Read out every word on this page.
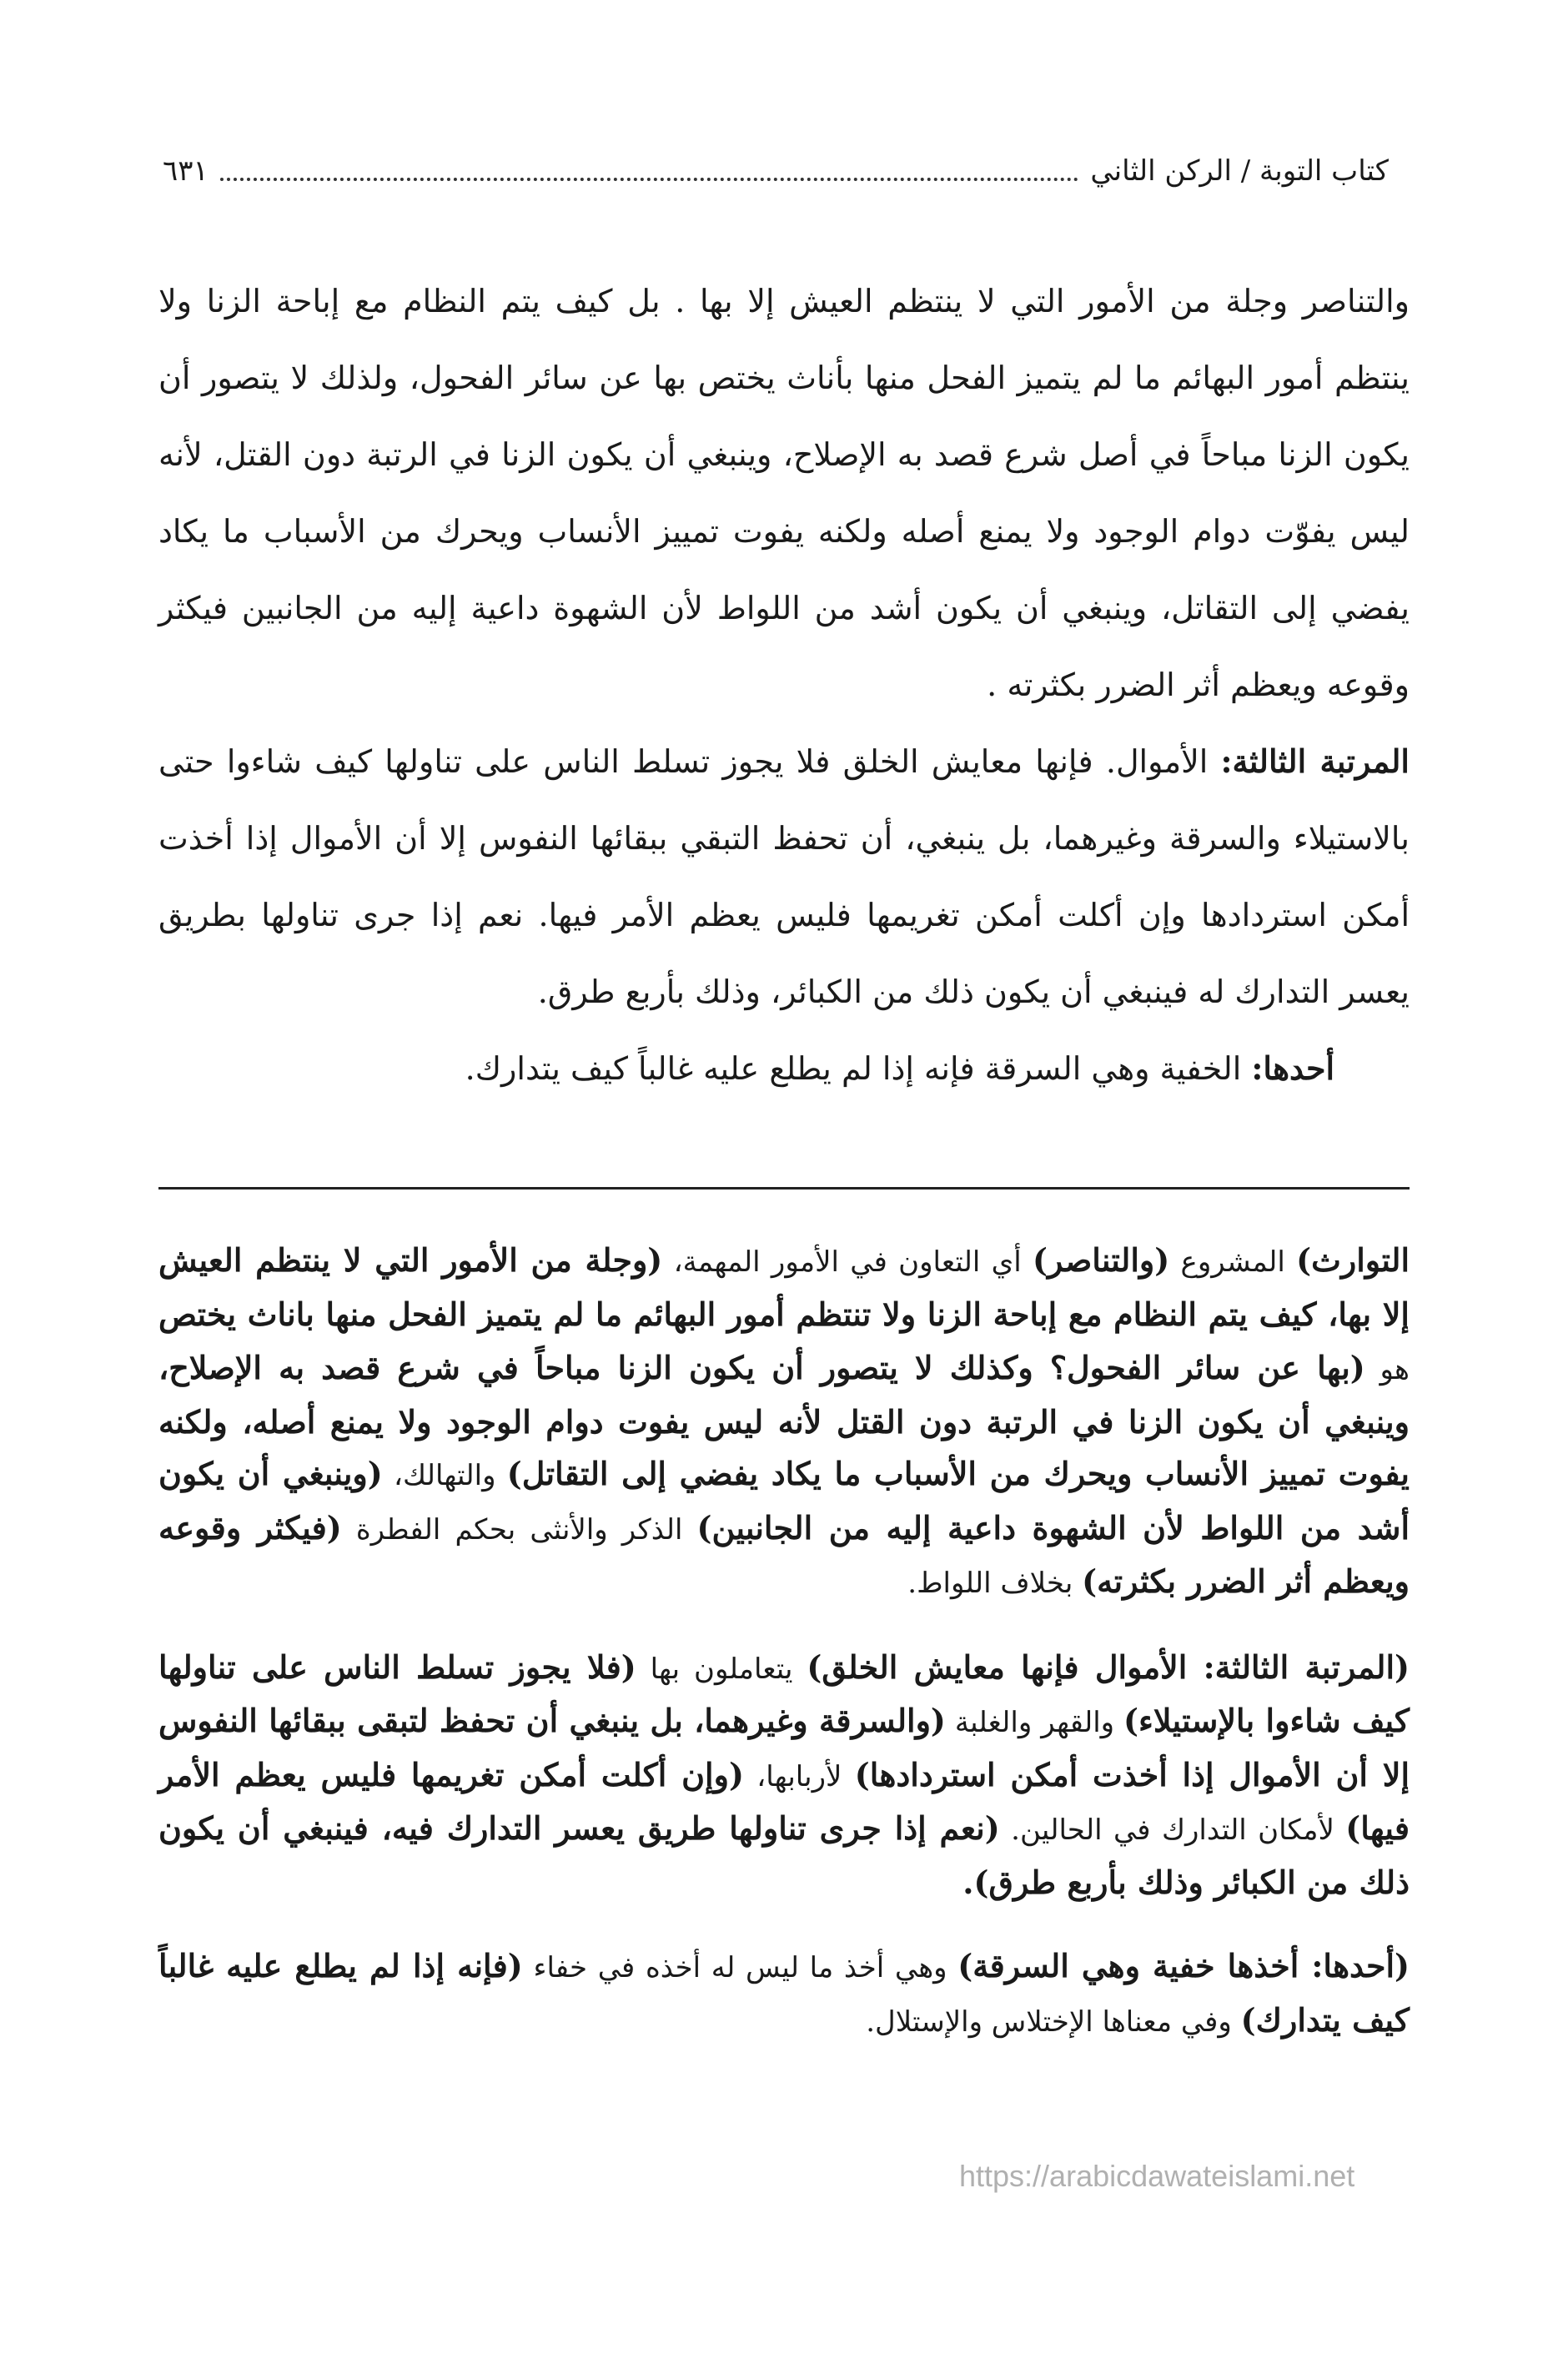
كتاب التوبة / الركن الثاني
٦٣١

والتناصر وجلة من الأمور التي لا ينتظم العيش إلا بها . بل كيف يتم النظام مع إباحة الزنا ولا ينتظم أمور البهائم ما لم يتميز الفحل منها بأناث يختص بها عن سائر الفحول، ولذلك لا يتصور أن يكون الزنا مباحاً في أصل شرع قصد به الإصلاح، وينبغي أن يكون الزنا في الرتبة دون القتل، لأنه ليس يفوّت دوام الوجود ولا يمنع أصله ولكنه يفوت تمييز الأنساب ويحرك من الأسباب ما يكاد يفضي إلى التقاتل، وينبغي أن يكون أشد من اللواط لأن الشهوة داعية إليه من الجانبين فيكثر وقوعه ويعظم أثر الضرر بكثرته .

المرتبة الثالثة: الأموال. فإنها معايش الخلق فلا يجوز تسلط الناس على تناولها كيف شاءوا حتى بالاستيلاء والسرقة وغيرهما، بل ينبغي، أن تحفظ التبقي ببقائها النفوس إلا أن الأموال إذا أخذت أمكن استردادها وإن أكلت أمكن تغريمها فليس يعظم الأمر فيها. نعم إذا جرى تناولها بطريق يعسر التدارك له فينبغي أن يكون ذلك من الكبائر، وذلك بأربع طرق.

أحدها: الخفية وهي السرقة فإنه إذا لم يطلع عليه غالباً كيف يتدارك.

التوارث) المشروع (والتناصر) أي التعاون في الأمور المهمة، (وجلة من الأمور التي لا ينتظم العيش إلا بها، كيف يتم النظام مع إباحة الزنا ولا تنتظم أمور البهائم ما لم يتميز الفحل منها باناث يختص هو (بها عن سائر الفحول؟ وكذلك لا يتصور أن يكون الزنا مباحاً في شرع قصد به الإصلاح، وينبغي أن يكون الزنا في الرتبة دون القتل لأنه ليس يفوت دوام الوجود ولا يمنع أصله، ولكنه يفوت تمييز الأنساب ويحرك من الأسباب ما يكاد يفضي إلى التقاتل) والتهالك، (وينبغي أن يكون أشد من اللواط لأن الشهوة داعية إليه من الجانبين) الذكر والأنثى بحكم الفطرة (فيكثر وقوعه ويعظم أثر الضرر بكثرته) بخلاف اللواط.

(المرتبة الثالثة: الأموال فإنها معايش الخلق) يتعاملون بها (فلا يجوز تسلط الناس على تناولها كيف شاءوا بالإستيلاء) والقهر والغلبة (والسرقة وغيرهما، بل ينبغي أن تحفظ لتبقى ببقائها النفوس إلا أن الأموال إذا أخذت أمكن استردادها) لأربابها، (وإن أكلت أمكن تغريمها فليس يعظم الأمر فيها) لأمكان التدارك في الحالين. (نعم إذا جرى تناولها طريق يعسر التدارك فيه، فينبغي أن يكون ذلك من الكبائر وذلك بأربع طرق).

(أحدها: أخذها خفية وهي السرقة) وهي أخذ ما ليس له أخذه في خفاء (فإنه إذا لم يطلع عليه غالباً كيف يتدارك) وفي معناها الإختلاس والإستلال.

https://arabicdawateislami.net
